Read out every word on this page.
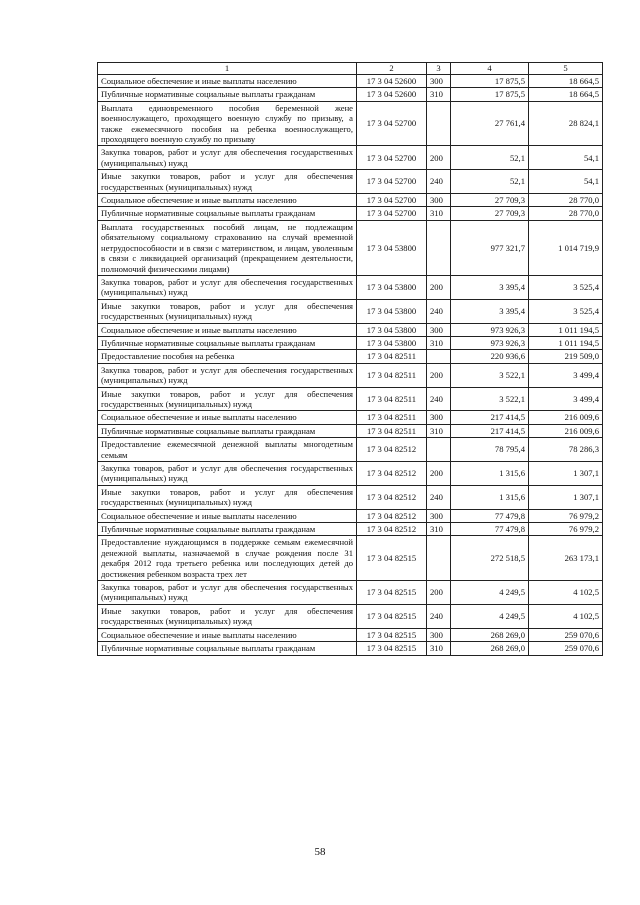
1	2	3	4	5
Социальное обеспечение и иные выплаты населению	17 3 04 52600	300	17 875,5	18 664,5
Публичные нормативные социальные выплаты гражданам	17 3 04 52600	310	17 875,5	18 664,5
Выплата единовременного пособия беременной жене военнослужащего, проходящего военную службу по призыву, а также ежемесячного пособия на ребенка военнослужащего, проходящего военную службу по призыву	17 3 04 52700		27 761,4	28 824,1
Закупка товаров, работ и услуг для обеспечения государственных (муниципальных) нужд	17 3 04 52700	200	52,1	54,1
Иные закупки товаров, работ и услуг для обеспечения государственных (муниципальных) нужд	17 3 04 52700	240	52,1	54,1
Социальное обеспечение и иные выплаты населению	17 3 04 52700	300	27 709,3	28 770,0
Публичные нормативные социальные выплаты гражданам	17 3 04 52700	310	27 709,3	28 770,0
Выплата государственных пособий лицам, не подлежащим обязательному социальному страхованию на случай временной нетрудоспособности и в связи с материнством, и лицам, уволенным в связи с ликвидацией организаций (прекращением деятельности, полномочий физическими лицами)	17 3 04 53800		977 321,7	1 014 719,9
Закупка товаров, работ и услуг для обеспечения государственных (муниципальных) нужд	17 3 04 53800	200	3 395,4	3 525,4
Иные закупки товаров, работ и услуг для обеспечения государственных (муниципальных) нужд	17 3 04 53800	240	3 395,4	3 525,4
Социальное обеспечение и иные выплаты населению	17 3 04 53800	300	973 926,3	1 011 194,5
Публичные нормативные социальные выплаты гражданам	17 3 04 53800	310	973 926,3	1 011 194,5
Предоставление пособия на ребенка	17 3 04 82511		220 936,6	219 509,0
Закупка товаров, работ и услуг для обеспечения государственных (муниципальных) нужд	17 3 04 82511	200	3 522,1	3 499,4
Иные закупки товаров, работ и услуг для обеспечения государственных (муниципальных) нужд	17 3 04 82511	240	3 522,1	3 499,4
Социальное обеспечение и иные выплаты населению	17 3 04 82511	300	217 414,5	216 009,6
Публичные нормативные социальные выплаты гражданам	17 3 04 82511	310	217 414,5	216 009,6
Предоставление ежемесячной денежной выплаты многодетным семьям	17 3 04 82512		78 795,4	78 286,3
Закупка товаров, работ и услуг для обеспечения государственных (муниципальных) нужд	17 3 04 82512	200	1 315,6	1 307,1
Иные закупки товаров, работ и услуг для обеспечения государственных (муниципальных) нужд	17 3 04 82512	240	1 315,6	1 307,1
Социальное обеспечение и иные выплаты населению	17 3 04 82512	300	77 479,8	76 979,2
Публичные нормативные социальные выплаты гражданам	17 3 04 82512	310	77 479,8	76 979,2
Предоставление нуждающимся в поддержке семьям ежемесячной денежной выплаты, назначаемой в случае рождения после 31 декабря 2012 года третьего ребенка или последующих детей до достижения ребенком возраста трех лет	17 3 04 82515		272 518,5	263 173,1
Закупка товаров, работ и услуг для обеспечения государственных (муниципальных) нужд	17 3 04 82515	200	4 249,5	4 102,5
Иные закупки товаров, работ и услуг для обеспечения государственных (муниципальных) нужд	17 3 04 82515	240	4 249,5	4 102,5
Социальное обеспечение и иные выплаты населению	17 3 04 82515	300	268 269,0	259 070,6
Публичные нормативные социальные выплаты гражданам	17 3 04 82515	310	268 269,0	259 070,6
58
